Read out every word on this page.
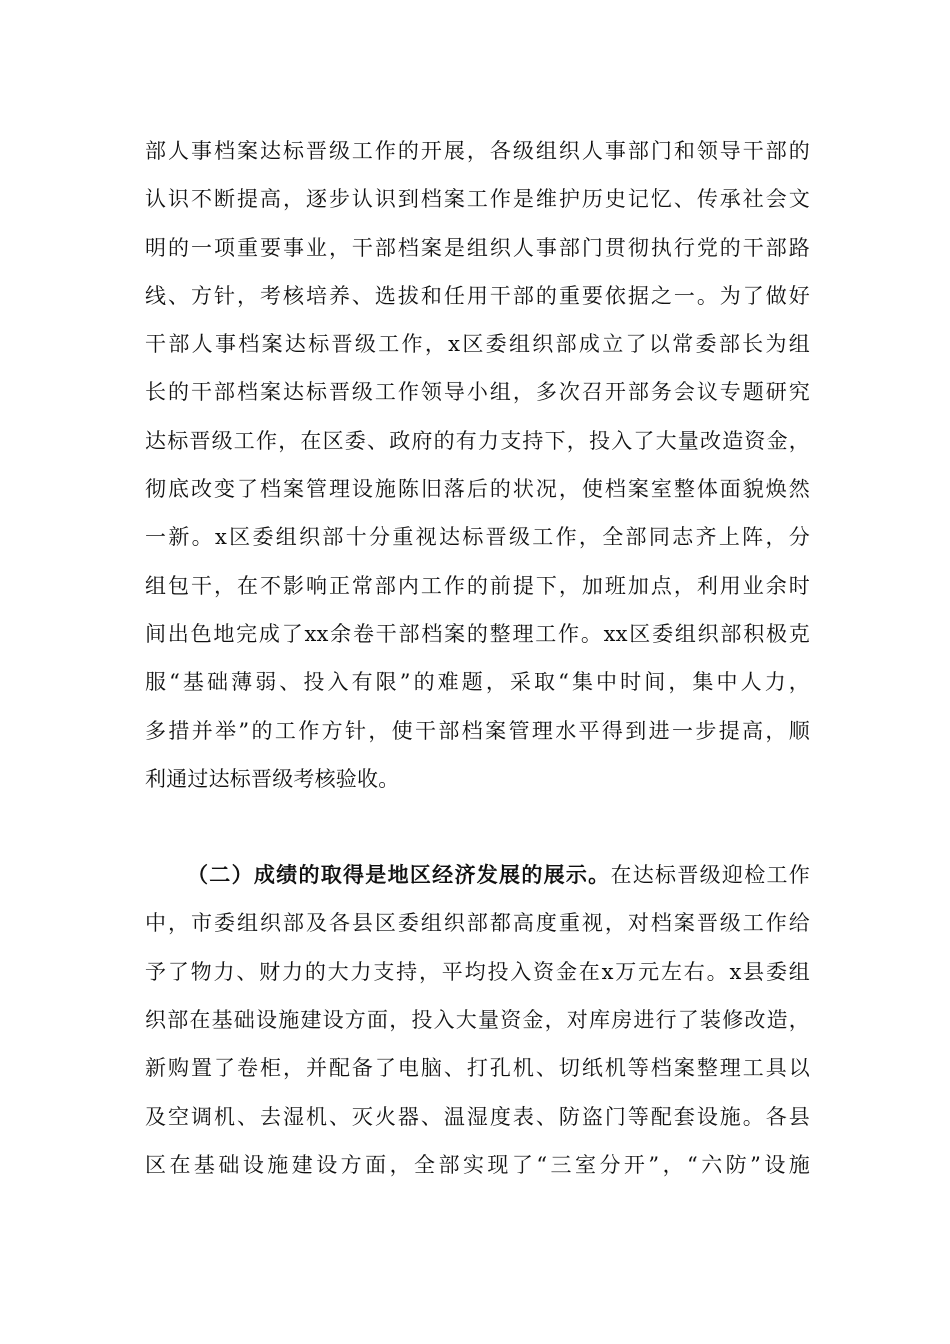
部人事档案达标晋级工作的开展，各级组织人事部门和领导干部的
认识不断提高，逐步认识到档案工作是维护历史记忆、传承社会文
明的一项重要事业，干部档案是组织人事部门贯彻执行党的干部路
线、方针，考核培养、选拔和任用干部的重要依据之一。为了做好
干部人事档案达标晋级工作，x区委组织部成立了以常委部长为组
长的干部档案达标晋级工作领导小组，多次召开部务会议专题研究
达标晋级工作，在区委、政府的有力支持下，投入了大量改造资金，
彻底改变了档案管理设施陈旧落后的状况，使档案室整体面貌焕然
一新。x区委组织部十分重视达标晋级工作，全部同志齐上阵，分
组包干，在不影响正常部内工作的前提下，加班加点，利用业余时
间出色地完成了xx余卷干部档案的整理工作。xx区委组织部积极克
服“基础薄弱、投入有限”的难题，采取“集中时间，集中人力，
多措并举”的工作方针，使干部档案管理水平得到进一步提高，顺
利通过达标晋级考核验收。
（二）成绩的取得是地区经济发展的展示。在达标晋级迎检工作
中，市委组织部及各县区委组织部都高度重视，对档案晋级工作给
予了物力、财力的大力支持，平均投入资金在x万元左右。x县委组
织部在基础设施建设方面，投入大量资金，对库房进行了装修改造，
新购置了卷柜，并配备了电脑、打孔机、切纸机等档案整理工具以
及空调机、去湿机、灭火器、温湿度表、防盗门等配套设施。各县
区在基础设施建设方面，全部实现了“三室分开”，“六防”设施
